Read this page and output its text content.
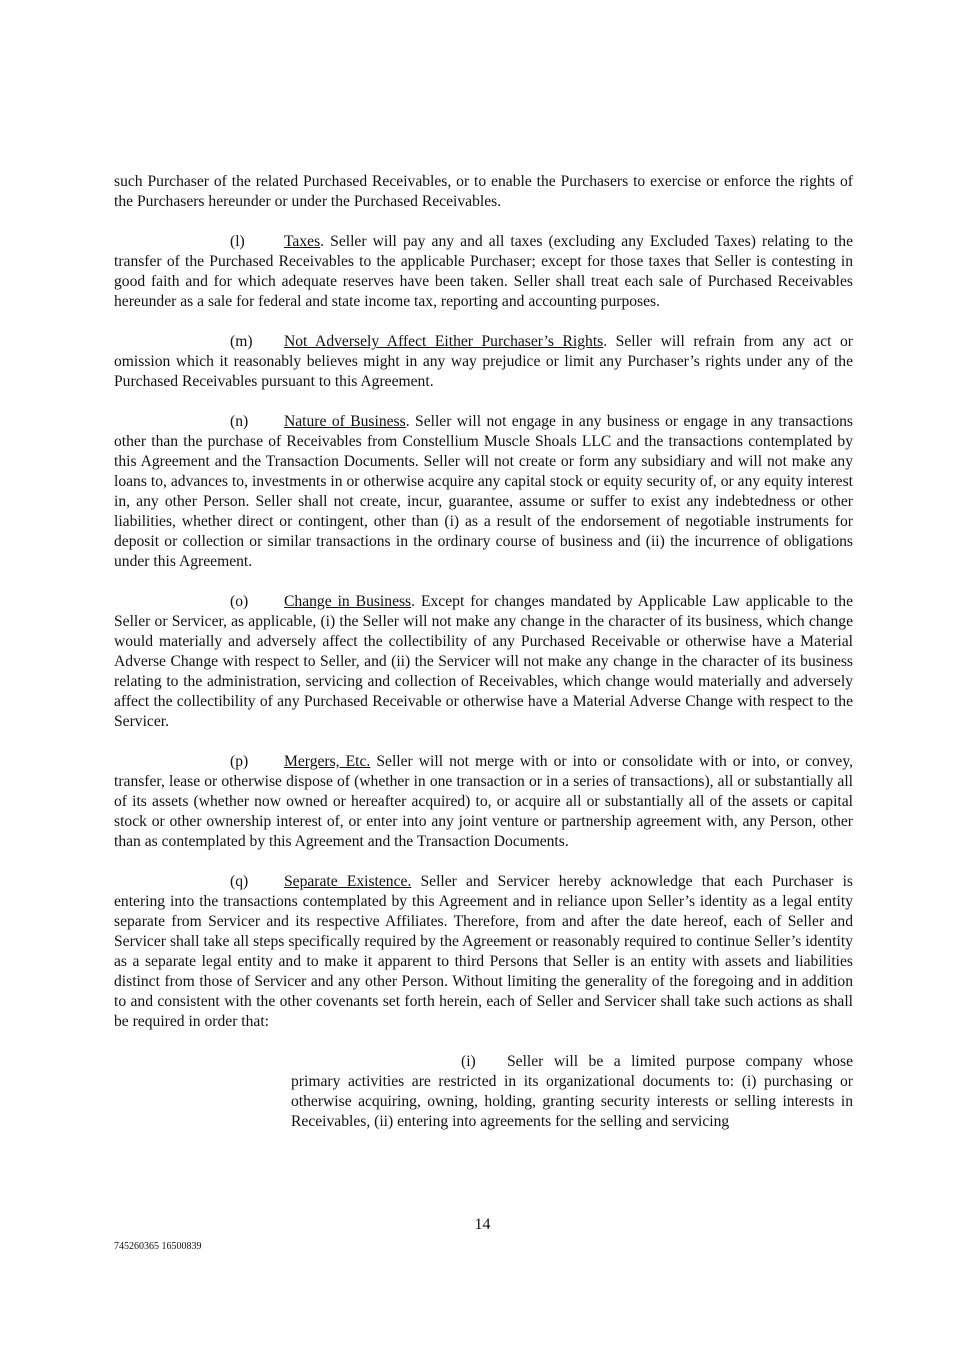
such Purchaser of the related Purchased Receivables, or to enable the Purchasers to exercise or enforce the rights of the Purchasers hereunder or under the Purchased Receivables.

(l)	Taxes. Seller will pay any and all taxes (excluding any Excluded Taxes) relating to the transfer of the Purchased Receivables to the applicable Purchaser; except for those taxes that Seller is contesting in good faith and for which adequate reserves have been taken. Seller shall treat each sale of Purchased Receivables hereunder as a sale for federal and state income tax, reporting and accounting purposes.

(m) Not Adversely Affect Either Purchaser’s Rights. Seller will refrain from any act or omission which it reasonably believes might in any way prejudice or limit any Purchaser’s rights under any of the Purchased Receivables pursuant to this Agreement.

(n) Nature of Business. Seller will not engage in any business or engage in any transactions other than the purchase of Receivables from Constellium Muscle Shoals LLC and the transactions contemplated by this Agreement and the Transaction Documents. Seller will not create or form any subsidiary and will not make any loans to, advances to, investments in or otherwise acquire any capital stock or equity security of, or any equity interest in, any other Person. Seller shall not create, incur, guarantee, assume or suffer to exist any indebtedness or other liabilities, whether direct or contingent, other than (i) as a result of the endorsement of negotiable instruments for deposit or collection or similar transactions in the ordinary course of business and (ii) the incurrence of obligations under this Agreement.

(o) Change in Business. Except for changes mandated by Applicable Law applicable to the Seller or Servicer, as applicable, (i) the Seller will not make any change in the character of its business, which change would materially and adversely affect the collectibility of any Purchased Receivable or otherwise have a Material Adverse Change with respect to Seller, and (ii) the Servicer will not make any change in the character of its business relating to the administration, servicing and collection of Receivables, which change would materially and adversely affect the collectibility of any Purchased Receivable or otherwise have a Material Adverse Change with respect to the Servicer.

(p) Mergers, Etc. Seller will not merge with or into or consolidate with or into, or convey, transfer, lease or otherwise dispose of (whether in one transaction or in a series of transactions), all or substantially all of its assets (whether now owned or hereafter acquired) to, or acquire all or substantially all of the assets or capital stock or other ownership interest of, or enter into any joint venture or partnership agreement with, any Person, other than as contemplated by this Agreement and the Transaction Documents.

(q) Separate Existence. Seller and Servicer hereby acknowledge that each Purchaser is entering into the transactions contemplated by this Agreement and in reliance upon Seller’s identity as a legal entity separate from Servicer and its respective Affiliates. Therefore, from and after the date hereof, each of Seller and Servicer shall take all steps specifically required by the Agreement or reasonably required to continue Seller’s identity as a separate legal entity and to make it apparent to third Persons that Seller is an entity with assets and liabilities distinct from those of Servicer and any other Person. Without limiting the generality of the foregoing and in addition to and consistent with the other covenants set forth herein, each of Seller and Servicer shall take such actions as shall be required in order that:

(i) Seller will be a limited purpose company whose primary activities are restricted in its organizational documents to: (i) purchasing or otherwise acquiring, owning, holding, granting security interests or selling interests in Receivables, (ii) entering into agreements for the selling and servicing

14
745260365 16500839
